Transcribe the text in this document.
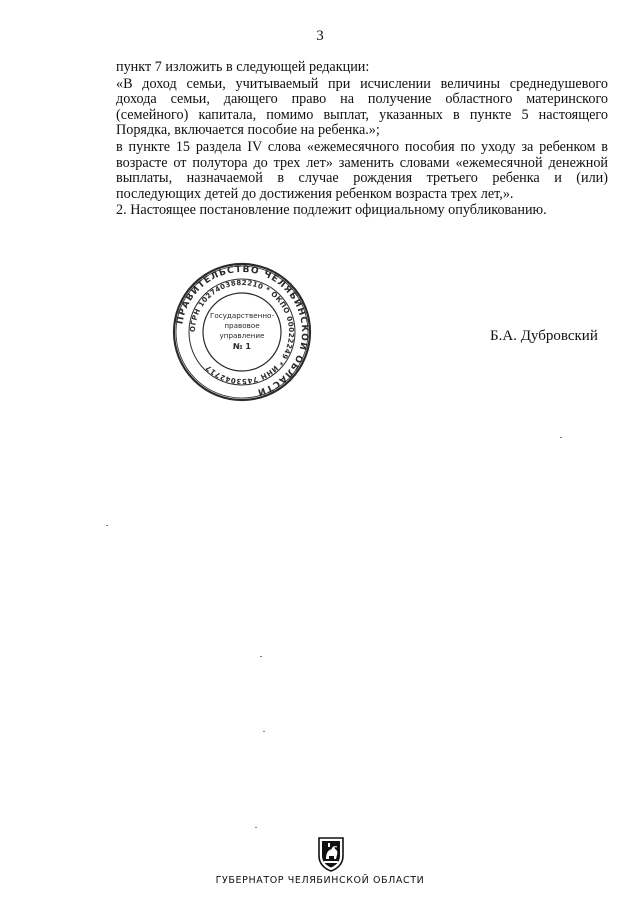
3

пункт 7 изложить в следующей редакции:

«В доход семьи, учитываемый при исчислении величины среднедушевого дохода семьи, дающего право на получение областного материнского (семейного) капитала, помимо выплат, указанных в пункте 5 настоящего Порядка, включается пособие на ребенка.»;

в пункте 15 раздела IV слова «ежемесячного пособия по уходу за ребенком в возрасте от полутора до трех лет» заменить словами «ежемесячной денежной выплаты, назначаемой в случае рождения третьего ребенка и (или) последующих детей до достижения ребенком возраста трех лет,».

2. Настоящее постановление подлежит официальному опубликованию.

ПРАВИТЕЛЬСТВО ЧЕЛЯБИНСКОЙ ОБЛАСТИ
ОГРН 1027403882210 * ОКПО 00022249 * ИНН 7453042717
Государственно-
правовое
управление
№ 1
Б.А. Дубровский
ГУБЕРНАТОР ЧЕЛЯБИНСКОЙ ОБЛАСТИ
